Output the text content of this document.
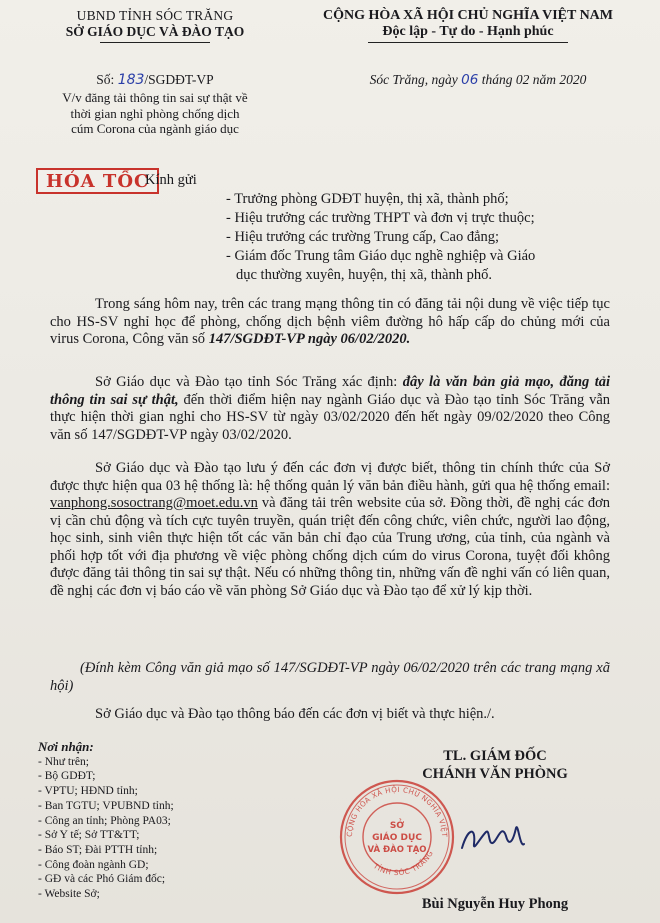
UBND TỈNH SÓC TRĂNG
SỞ GIÁO DỤC VÀ ĐÀO TẠO
CỘNG HÒA XÃ HỘI CHỦ NGHĨA VIỆT NAM
Độc lập - Tự do - Hạnh phúc
Số: 183/SGDĐT-VP
V/v đăng tải thông tin sai sự thật về
thời gian nghỉ phòng chống dịch
cúm Corona của ngành giáo dục
Sóc Trăng, ngày 06 tháng 02 năm 2020
HỎA TỐC
Kính gửi
- Trưởng phòng GDĐT huyện, thị xã, thành phố;
- Hiệu trưởng các trường THPT và đơn vị trực thuộc;
- Hiệu trưởng các trường Trung cấp, Cao đẳng;
- Giám đốc Trung tâm Giáo dục nghề nghiệp và Giáo
dục thường xuyên, huyện, thị xã, thành phố.
Trong sáng hôm nay, trên các trang mạng thông tin có đăng tải nội dung về việc tiếp tục cho HS-SV nghỉ học để phòng, chống dịch bệnh viêm đường hô hấp cấp do chủng mới của virus Corona, Công văn số 147/SGDĐT-VP ngày 06/02/2020.
Sở Giáo dục và Đào tạo tỉnh Sóc Trăng xác định: đây là văn bản giả mạo, đăng tải thông tin sai sự thật, đến thời điểm hiện nay ngành Giáo dục và Đào tạo tỉnh Sóc Trăng vẫn thực hiện thời gian nghỉ cho HS-SV từ ngày 03/02/2020 đến hết ngày 09/02/2020 theo Công văn số 147/SGDĐT-VP ngày 03/02/2020.
Sở Giáo dục và Đào tạo lưu ý đến các đơn vị được biết, thông tin chính thức của Sở được thực hiện qua 03 hệ thống là: hệ thống quản lý văn bản điều hành, gửi qua hệ thống email: vanphong.sosoctrang@moet.edu.vn và đăng tải trên website của sở. Đồng thời, đề nghị các đơn vị cần chủ động và tích cực tuyên truyền, quán triệt đến công chức, viên chức, người lao động, học sinh, sinh viên thực hiện tốt các văn bản chỉ đạo của Trung ương, của tỉnh, của ngành và phối hợp tốt với địa phương về việc phòng chống dịch cúm do virus Corona, tuyệt đối không được đăng tải thông tin sai sự thật. Nếu có những thông tin, những vấn đề nghi vấn có liên quan, đề nghị các đơn vị báo cáo về văn phòng Sở Giáo dục và Đào tạo để xử lý kịp thời.
(Đính kèm Công văn giả mạo số 147/SGDĐT-VP ngày 06/02/2020 trên các trang mạng xã hội)
Sở Giáo dục và Đào tạo thông báo đến các đơn vị biết và thực hiện./.
Nơi nhận:
- Như trên;
- Bộ GDĐT;
- VPTU; HĐND tỉnh;
- Ban TGTU; VPUBND tỉnh;
- Công an tỉnh; Phòng PA03;
- Sở Y tế; Sở TT&TT;
- Báo ST; Đài PTTH tỉnh;
- Công đoàn ngành GD;
- GĐ và các Phó Giám đốc;
- Website Sở;
TL. GIÁM ĐỐC
CHÁNH VĂN PHÒNG
CỘNG HÒA XÃ HỘI CHỦ NGHĨA VIỆT
TỈNH SÓC TRĂNG
SỞ
GIÁO DỤC
VÀ ĐÀO TẠO
Bùi Nguyễn Huy Phong
